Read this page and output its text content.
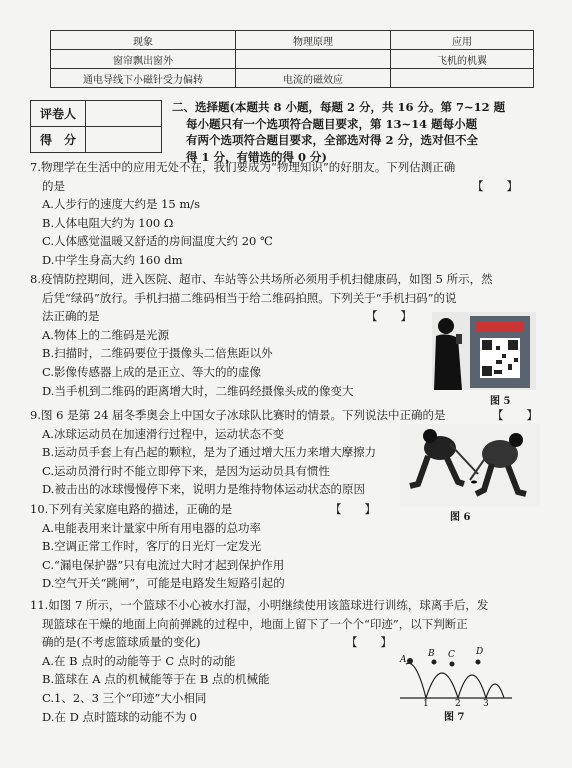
现象	物理原理	应用
窗帘飘出窗外		飞机的机翼
通电导线下小磁针受力偏转	电流的磁效应	
评卷人	
得　分	
二、选择题(本题共 8 小题，每题 2 分，共 16 分。第 7~12 题
每小题只有一个选项符合题目要求，第 13~14 题每小题
有两个选项符合题目要求，全部选对得 2 分，选对但不全
得 1 分，有错选的得 0 分)

7.物理学在生活中的应用无处不在，我们要成为“物理知识”的好朋友。下列估测正确

的是	【　　】

A.人步行的速度大约是 15 m/s

B.人体电阻大约为 100 Ω

C.人体感觉温暖又舒适的房间温度大约 20 ℃

D.中学生身高大约 160 dm

8.疫情防控期间，进入医院、超市、车站等公共场所必须用手机扫健康码，如图 5 所示，然

后凭“绿码”放行。手机扫描二维码相当于给二维码拍照。下列关于“手机扫码”的说

法正确的是	【　　】

A.物体上的二维码是光源

B.扫描时，二维码要位于摄像头二倍焦距以外

C.影像传感器上成的是正立、等大的的虚像

D.当手机到二维码的距离增大时，二维码经摄像头成的像变大

图 5

9.图 6 是第 24 届冬季奥会上中国女子冰球队比赛时的情景。下列说法中正确的是	【　　】

A.冰球运动员在加速滑行过程中，运动状态不变

B.运动员手套上有凸起的颗粒，是为了通过增大压力来增大摩擦力

C.运动员滑行时不能立即停下来，是因为运动员具有惯性

D.被击出的冰球慢慢停下来，说明力是维持物体运动状态的原因

图 6

10.下列有关家庭电路的描述，正确的是	【　　】

A.电能表用来计量家中所有用电器的总功率

B.空调正常工作时，客厅的日光灯一定发光

C.“漏电保护器”只有电流过大时才起到保护作用

D.空气开关“跳闸”，可能是电路发生短路引起的

11.如图 7 所示，一个篮球不小心被水打湿，小明继续使用该篮球进行训练，球离手后，发

现篮球在干燥的地面上向前弹跳的过程中，地面上留下了一个个“印迹”，以下判断正

确的是(不考虑篮球质量的变化)	【　　】

A.在 B 点时的动能等于 C 点时的动能

B.篮球在 A 点的机械能等于在 B 点的机械能

C.1、2、3 三个“印迹”大小相同

D.在 D 点时篮球的动能不为 0

A
B C D
1	2 3
图 7
